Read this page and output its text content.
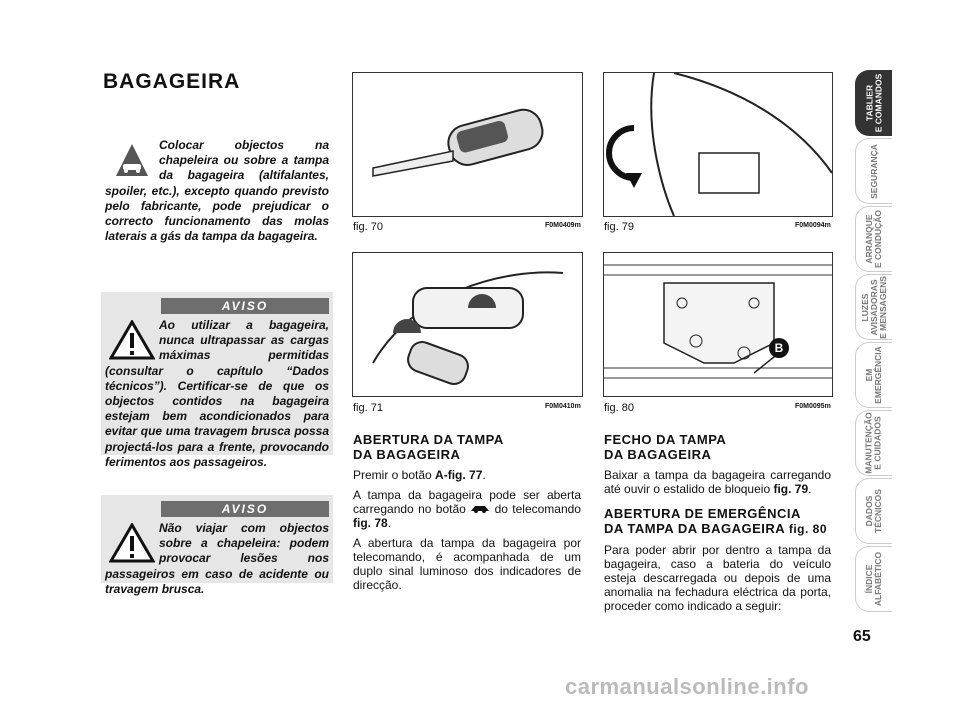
BAGAGEIRA

Colocar objectos na chapeleira ou sobre a tampa da bagageira (altifalantes, spoiler, etc.), excepto quando previsto pelo fabricante, pode prejudicar o correcto funcionamento das molas laterais a gás da tampa da bagageira.

AVISO

Ao utilizar a bagageira, nunca ultrapassar as cargas máximas permitidas (consultar o capítulo “Dados técnicos”). Certificar-se de que os objectos contidos na bagageira estejam bem acondicionados para evitar que uma travagem brusca possa projectá-los para a frente, provocando ferimentos aos passageiros.

AVISO

Não viajar com objectos sobre a chapeleira: podem provocar lesões nos passageiros em caso de acidente ou travagem brusca.

fig. 70	F0M0409m
fig. 71	F0M0410m
fig. 79	F0M0094m
B
fig. 80	F0M0095m
ABERTURA DA TAMPA
DA BAGAGEIRA

Premir o botão A-fig. 77.

A tampa da bagageira pode ser aberta carregando no botão do telecomando fig. 78.

A abertura da tampa da bagageira por telecomando, é acompanhada de um duplo sinal luminoso dos indicadores de direcção.

FECHO DA TAMPA
DA BAGAGEIRA

Baixar a tampa da bagageira carregando até ouvir o estalido de bloqueio fig. 79.

ABERTURA DE EMERGÊNCIA
DA TAMPA DA BAGAGEIRA fig. 80

Para poder abrir por dentro a tampa da bagageira, caso a bateria do veículo esteja descarregada ou depois de uma anomalia na fechadura eléctrica da porta, proceder como indicado a seguir:

TABLIER
E COMANDOS
SEGURANÇA
ARRANQUE
E CONDUÇÃO
LUZES
AVISADORAS
E MENSAGENS
EM
EMERGÊNCIA
MANUTENÇÃO
E CUIDADOS
DADOS
TÉCNICOS
ÍNDICE
ALFABÉTICO
65
carmanualsonline.info
